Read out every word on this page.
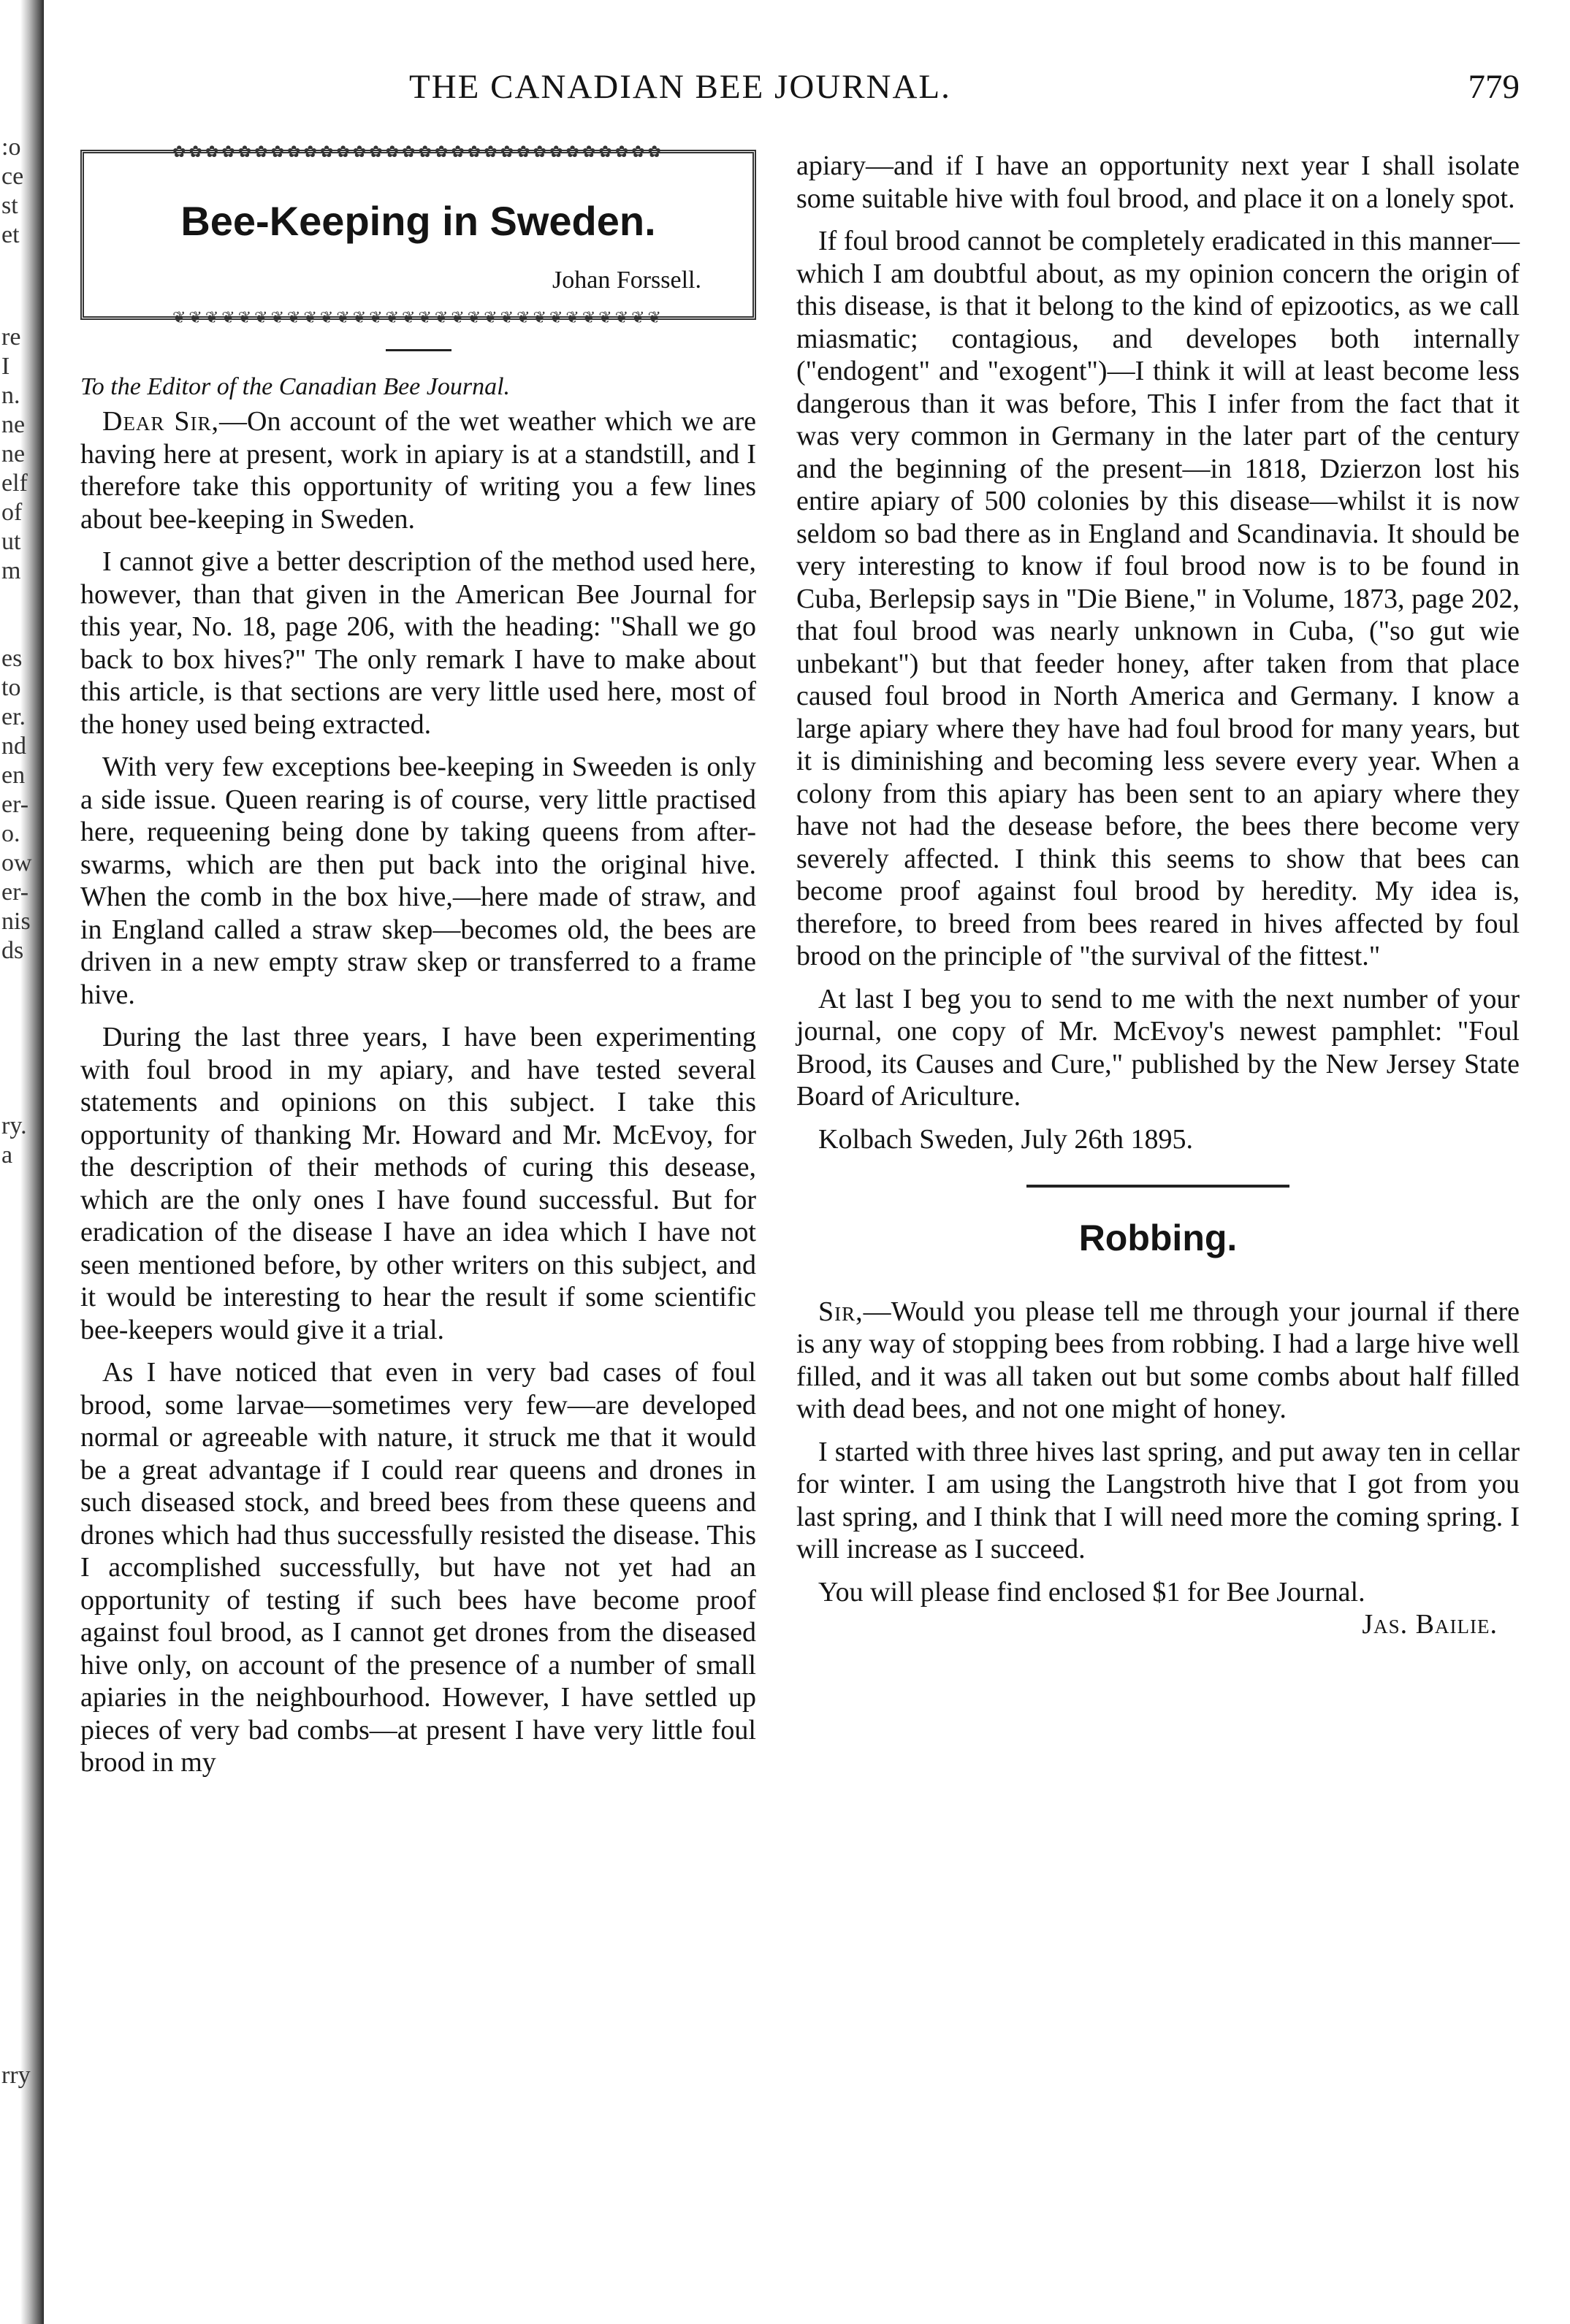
:o
ce
st
et
re
I
n.
ne
ne
elf
of
ut
m
es
to
er.
nd
en
er-
o.
ow
er-
nis
ds
ry.
a
rry
THE CANADIAN BEE JOURNAL.	779
✿✿✿✿✿✿✿✿✿✿✿✿✿✿✿✿✿✿✿✿✿✿✿✿✿✿✿✿✿✿
Bee-Keeping in Sweden.
Johan Forssell.
❦❦❦❦❦❦❦❦❦❦❦❦❦❦❦❦❦❦❦❦❦❦❦❦❦❦❦❦❦❦
To the Editor of the Canadian Bee Journal.

Dear Sir,—On account of the wet weather which we are having here at present, work in apiary is at a standstill, and I therefore take this opportunity of writing you a few lines about bee-keeping in Sweden.

I cannot give a better description of the method used here, however, than that given in the American Bee Journal for this year, No. 18, page 206, with the heading: "Shall we go back to box hives?" The only remark I have to make about this article, is that sections are very little used here, most of the honey used being extracted.

With very few exceptions bee-keeping in Sweeden is only a side issue. Queen rearing is of course, very little practised here, requeening being done by taking queens from after-swarms, which are then put back into the original hive. When the comb in the box hive,—here made of straw, and in England called a straw skep—becomes old, the bees are driven in a new empty straw skep or transferred to a frame hive.

During the last three years, I have been experimenting with foul brood in my apiary, and have tested several statements and opinions on this subject. I take this opportunity of thanking Mr. Howard and Mr. McEvoy, for the description of their methods of curing this desease, which are the only ones I have found successful. But for eradication of the disease I have an idea which I have not seen mentioned before, by other writers on this subject, and it would be interesting to hear the result if some scientific bee-keepers would give it a trial.

As I have noticed that even in very bad cases of foul brood, some larvae—sometimes very few—are developed normal or agreeable with nature, it struck me that it would be a great advantage if I could rear queens and drones in such diseased stock, and breed bees from these queens and drones which had thus successfully resisted the disease. This I accomplished successfully, but have not yet had an opportunity of testing if such bees have become proof against foul brood, as I cannot get drones from the diseased hive only, on account of the presence of a number of small apiaries in the neighbourhood. However, I have settled up pieces of very bad combs—at present I have very little foul brood in my

apiary—and if I have an opportunity next year I shall isolate some suitable hive with foul brood, and place it on a lonely spot.

If foul brood cannot be completely eradicated in this manner—which I am doubtful about, as my opinion concern the origin of this disease, is that it belong to the kind of epizootics, as we call miasmatic; contagious, and developes both internally ("endogent" and "exogent")—I think it will at least become less dangerous than it was before, This I infer from the fact that it was very common in Germany in the later part of the century and the beginning of the present—in 1818, Dzierzon lost his entire apiary of 500 colonies by this disease—whilst it is now seldom so bad there as in England and Scandinavia. It should be very interesting to know if foul brood now is to be found in Cuba, Berlepsip says in "Die Biene," in Volume, 1873, page 202, that foul brood was nearly unknown in Cuba, ("so gut wie unbekant") but that feeder honey, after taken from that place caused foul brood in North America and Germany. I know a large apiary where they have had foul brood for many years, but it is diminishing and becoming less severe every year. When a colony from this apiary has been sent to an apiary where they have not had the desease before, the bees there become very severely affected. I think this seems to show that bees can become proof against foul brood by heredity. My idea is, therefore, to breed from bees reared in hives affected by foul brood on the principle of "the survival of the fittest."

At last I beg you to send to me with the next number of your journal, one copy of Mr. McEvoy's newest pamphlet: "Foul Brood, its Causes and Cure," published by the New Jersey State Board of Ariculture.

Kolbach Sweden, July 26th 1895.
Robbing.

Sir,—Would you please tell me through your journal if there is any way of stopping bees from robbing. I had a large hive well filled, and it was all taken out but some combs about half filled with dead bees, and not one might of honey.

I started with three hives last spring, and put away ten in cellar for winter. I am using the Langstroth hive that I got from you last spring, and I think that I will need more the coming spring. I will increase as I succeed.

You will please find enclosed $1 for Bee Journal.
Jas. Bailie.
